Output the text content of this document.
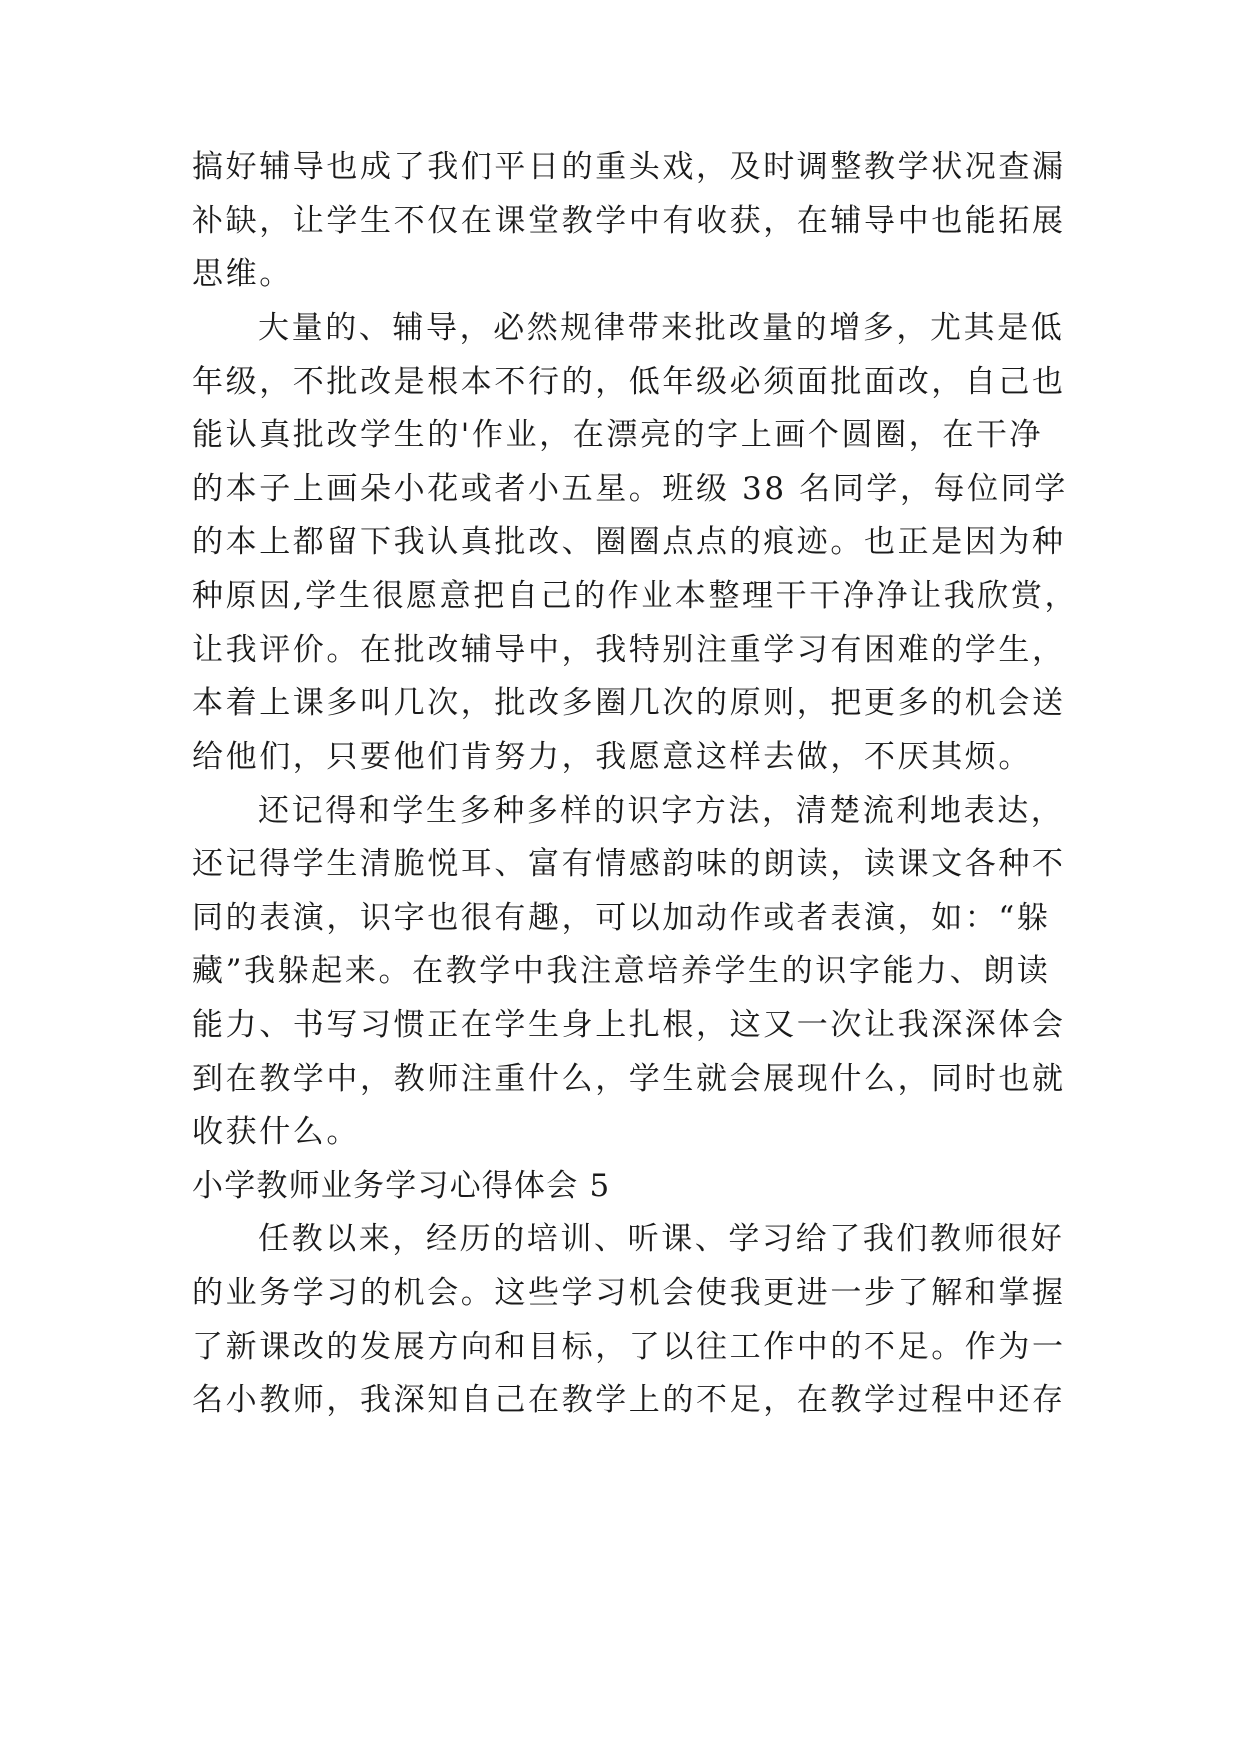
搞好辅导也成了我们平日的重头戏，及时调整教学状况查漏
补缺，让学生不仅在课堂教学中有收获，在辅导中也能拓展
思维。
大量的、辅导，必然规律带来批改量的增多，尤其是低
年级，不批改是根本不行的，低年级必须面批面改，自己也
能认真批改学生的'作业，在漂亮的字上画个圆圈，在干净
的本子上画朵小花或者小五星。班级 38 名同学，每位同学
的本上都留下我认真批改、圈圈点点的痕迹。也正是因为种
种原因,学生很愿意把自己的作业本整理干干净净让我欣赏，
让我评价。在批改辅导中，我特别注重学习有困难的学生，
本着上课多叫几次，批改多圈几次的原则，把更多的机会送
给他们，只要他们肯努力，我愿意这样去做，不厌其烦。
还记得和学生多种多样的识字方法，清楚流利地表达，
还记得学生清脆悦耳、富有情感韵味的朗读，读课文各种不
同的表演，识字也很有趣，可以加动作或者表演，如：“躲
藏”我躲起来。在教学中我注意培养学生的识字能力、朗读
能力、书写习惯正在学生身上扎根，这又一次让我深深体会
到在教学中，教师注重什么，学生就会展现什么，同时也就
收获什么。
小学教师业务学习心得体会 5
任教以来，经历的培训、听课、学习给了我们教师很好
的业务学习的机会。这些学习机会使我更进一步了解和掌握
了新课改的发展方向和目标，了以往工作中的不足。作为一
名小教师，我深知自己在教学上的不足，在教学过程中还存
